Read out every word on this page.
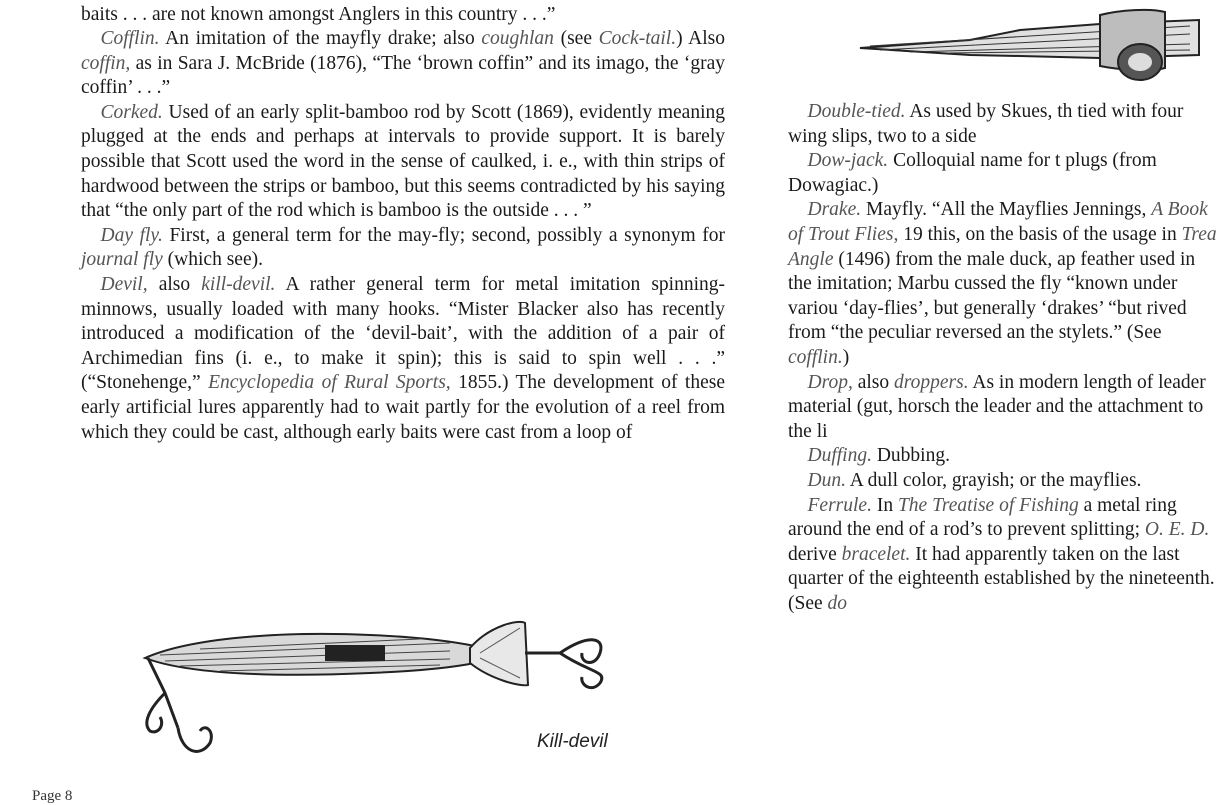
baits . . . are not known amongst Anglers in this country . . .”

 Cofflin. An imitation of the mayfly drake; also coughlan (see Cock-tail.) Also coffin, as in Sara J. McBride (1876), “The ‘brown coffin” and its imago, the ‘gray coffin’ . . .”

 Corked. Used of an early split-bamboo rod by Scott (1869), evidently meaning plugged at the ends and perhaps at intervals to provide support. It is barely possible that Scott used the word in the sense of caulked, i. e., with thin strips of hardwood between the strips or bamboo, but this seems contradicted by his saying that “the only part of the rod which is bamboo is the outside . . . ”

 Day fly. First, a general term for the may-fly; second, possibly a synonym for journal fly (which see).

 Devil, also kill-devil. A rather general term for metal imitation spinning-minnows, usually loaded with many hooks. “Mister Blacker also has recently introduced a modification of the ‘devil-bait’, with the addition of a pair of Archimedian fins (i. e., to make it spin); this is said to spin well . . .” (“Stonehenge,” Encyclopedia of Rural Sports, 1855.) The development of these early artificial lures apparently had to wait partly for the evolution of a reel from which they could be cast, although early baits were cast from a loop of

Kill-devil

 Double-tied. As used by Skues, th tied with four wing slips, two to a side

 Dow-jack. Colloquial name for t plugs (from Dowagiac.)

 Drake. Mayfly. “All the Mayflies Jennings, A Book of Trout Flies, 19 this, on the basis of the usage in Trea Angle (1496) from the male duck, ap feather used in the imitation; Marbu cussed the fly “known under variou ‘day-flies’, but generally ‘drakes’ “but rived from “the peculiar reversed an the stylets.” (See cofflin.)

 Drop, also droppers. As in modern length of leader material (gut, horsch the leader and the attachment to the li

 Duffing. Dubbing.

 Dun. A dull color, grayish; or the mayflies.

 Ferrule. In The Treatise of Fishing a metal ring around the end of a rod’s to prevent splitting; O. E. D. derive bracelet. It had apparently taken on the last quarter of the eighteenth established by the nineteenth. (See do

Page 8
